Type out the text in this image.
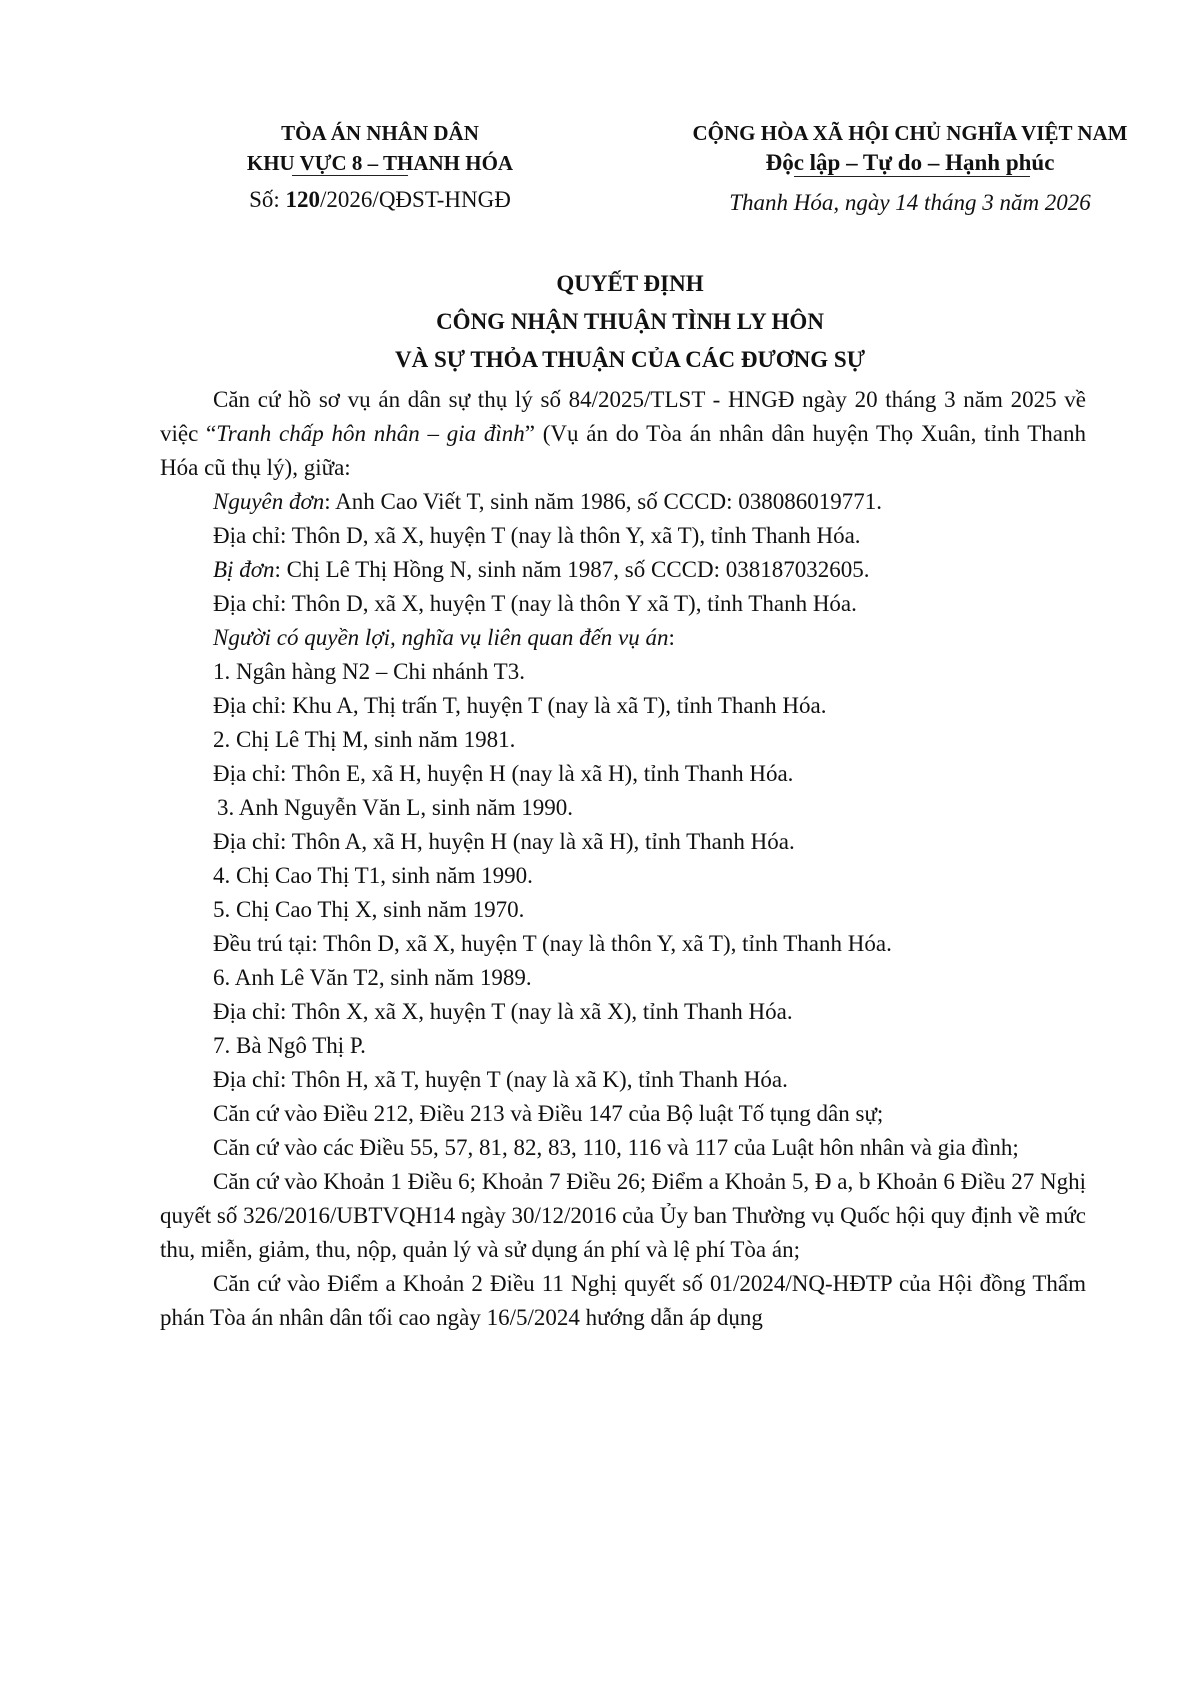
TÒA ÁN NHÂN DÂN
KHU VỰC 8 – THANH HÓA
CỘNG HÒA XÃ HỘI CHỦ NGHĨA VIỆT NAM
Độc lập – Tự do – Hạnh phúc
Số: 120/2026/QĐST-HNGĐ	Thanh Hóa, ngày 14 tháng 3 năm 2026
QUYẾT ĐỊNH
CÔNG NHẬN THUẬN TÌNH LY HÔN
VÀ SỰ THỎA THUẬN CỦA CÁC ĐƯƠNG SỰ

Căn cứ hồ sơ vụ án dân sự thụ lý số 84/2025/TLST - HNGĐ ngày 20 tháng 3 năm 2025 về việc “Tranh chấp hôn nhân – gia đình” (Vụ án do Tòa án nhân dân huyện Thọ Xuân, tỉnh Thanh Hóa cũ thụ lý), giữa:

Nguyên đơn: Anh Cao Viết T, sinh năm 1986, số CCCD: 038086019771.

Địa chỉ: Thôn D, xã X, huyện T (nay là thôn Y, xã T), tỉnh Thanh Hóa.

Bị đơn: Chị Lê Thị Hồng N, sinh năm 1987, số CCCD: 038187032605.

Địa chỉ: Thôn D, xã X, huyện T (nay là thôn Y xã T), tỉnh Thanh Hóa.

Người có quyền lợi, nghĩa vụ liên quan đến vụ án:

1. Ngân hàng N2 – Chi nhánh T3.

Địa chỉ: Khu A, Thị trấn T, huyện T (nay là xã T), tỉnh Thanh Hóa.

2. Chị Lê Thị M, sinh năm 1981.

Địa chỉ: Thôn E, xã H, huyện H (nay là xã H), tỉnh Thanh Hóa.

3. Anh Nguyễn Văn L, sinh năm 1990.

Địa chỉ: Thôn A, xã H, huyện H (nay là xã H), tỉnh Thanh Hóa.

4. Chị Cao Thị T1, sinh năm 1990.

5. Chị Cao Thị X, sinh năm 1970.

Đều trú tại: Thôn D, xã X, huyện T (nay là thôn Y, xã T), tỉnh Thanh Hóa.

6. Anh Lê Văn T2, sinh năm 1989.

Địa chỉ: Thôn X, xã X, huyện T (nay là xã X), tỉnh Thanh Hóa.

7. Bà Ngô Thị P.

Địa chỉ: Thôn H, xã T, huyện T (nay là xã K), tỉnh Thanh Hóa.

Căn cứ vào Điều 212, Điều 213 và Điều 147 của Bộ luật Tố tụng dân sự;

Căn cứ vào các Điều 55, 57, 81, 82, 83, 110, 116 và 117 của Luật hôn nhân và gia đình;

Căn cứ vào Khoản 1 Điều 6; Khoản 7 Điều 26; Điểm a Khoản 5, Đ a, b Khoản 6 Điều 27 Nghị quyết số 326/2016/UBTVQH14 ngày 30/12/2016 của Ủy ban Thường vụ Quốc hội quy định về mức thu, miễn, giảm, thu, nộp, quản lý và sử dụng án phí và lệ phí Tòa án;

Căn cứ vào Điểm a Khoản 2 Điều 11 Nghị quyết số 01/2024/NQ-HĐTP của Hội đồng Thẩm phán Tòa án nhân dân tối cao ngày 16/5/2024 hướng dẫn áp dụng
